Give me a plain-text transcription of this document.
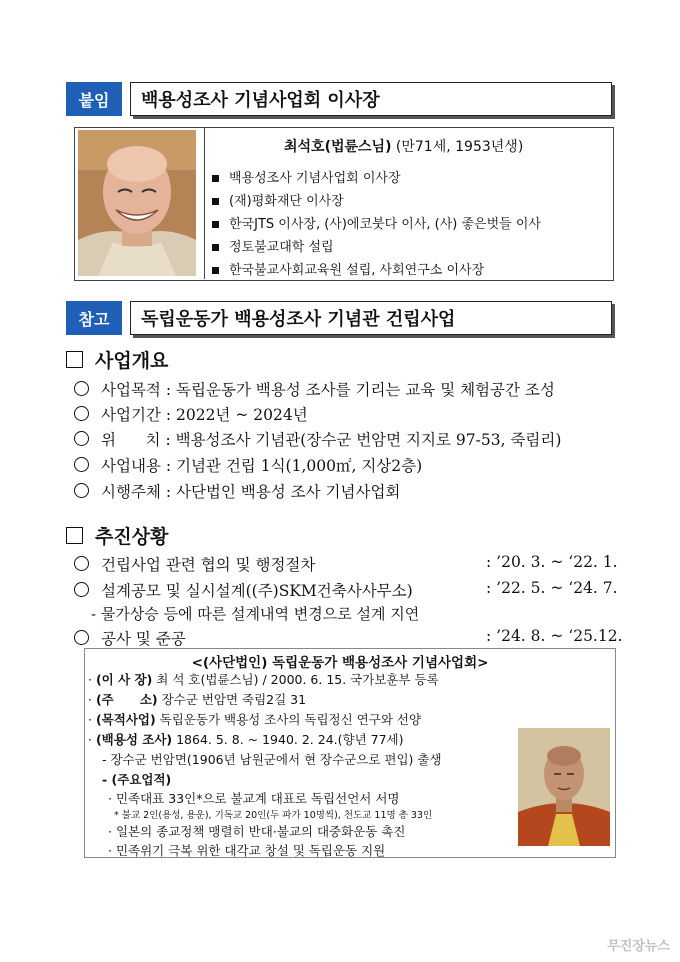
붙임	백용성조사 기념사업회 이사장
최석호(법륜스님) (만71세, 1953년생)
백용성조사 기념사업회 이사장
(재)평화재단 이사장
한국JTS 이사장, (사)에코붓다 이사, (사) 좋은벗들 이사
정토불교대학 설립
한국불교사회교육원 설립, 사회연구소 이사장
참고	독립운동가 백용성조사 기념관 건립사업
사업개요
사업목적 : 독립운동가 백용성 조사를 기리는 교육 및 체험공간 조성
사업기간 : 2022년 ~ 2024년
위      치 : 백용성조사 기념관(장수군 번암면 지지로 97-53, 죽림리)
사업내용 : 기념관 건립 1식(1,000㎡, 지상2층)
시행주체 : 사단법인 백용성 조사 기념사업회
추진상황
건립사업 관련 협의 및 행정절차	: ’20. 3. ~ ‘22. 1.
설계공모 및 실시설계((주)SKM건축사사무소)	: ’22. 5. ~ ‘24. 7.
- 물가상승 등에 따른 설계내역 변경으로 설계 지연
공사 및 준공	: ’24. 8. ~ ‘25.12.
<(사단법인) 독립운동가 백용성조사 기념사업회>
· (이 사 장) 최 석 호(법륜스님) / 2000. 6. 15. 국가보훈부 등록
· (주      소) 장수군 번암면 죽림2길 31
· (목적사업) 독립운동가 백용성 조사의 독립정신 연구와 선양
· (백용성 조사) 1864. 5. 8. ~ 1940. 2. 24.(향년 77세)
- 장수군 번암면(1906년 남원군에서 현 장수군으로 편입) 출생
- (주요업적)
· 민족대표 33인*으로 불교계 대표로 독립선언서 서명
* 불교 2인(용성, 용운), 기독교 20인(두 파가 10명씩), 천도교 11명 총 33인
· 일본의 종교정책 맹렬히 반대·불교의 대중화운동 촉진
· 민족위기 극복 위한 대각교 창설 및 독립운동 지원
무진장뉴스
